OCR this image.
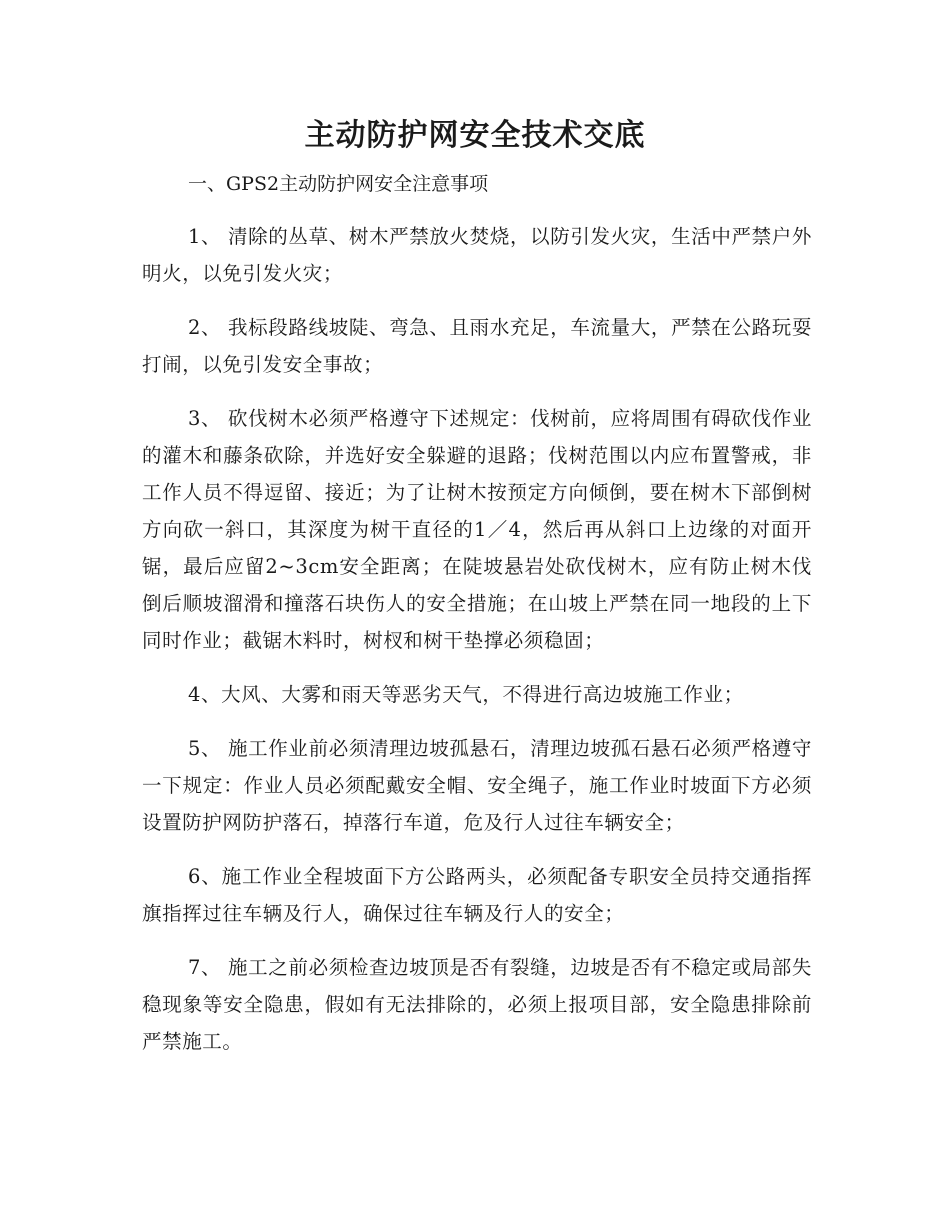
主动防护网安全技术交底
一、GPS2主动防护网安全注意事项

1、 清除的丛草、树木严禁放火焚烧，以防引发火灾，生活中严禁户外明火，以免引发火灾；

2、 我标段路线坡陡、弯急、且雨水充足，车流量大，严禁在公路玩耍打闹，以免引发安全事故；

3、 砍伐树木必须严格遵守下述规定：伐树前，应将周围有碍砍伐作业的灌木和藤条砍除，并选好安全躲避的退路；伐树范围以内应布置警戒，非工作人员不得逗留、接近；为了让树木按预定方向倾倒，要在树木下部倒树方向砍一斜口，其深度为树干直径的1／4，然后再从斜口上边缘的对面开锯，最后应留2~3cm安全距离；在陡坡悬岩处砍伐树木，应有防止树木伐倒后顺坡溜滑和撞落石块伤人的安全措施；在山坡上严禁在同一地段的上下同时作业；截锯木料时，树杈和树干垫撑必须稳固；

4、大风、大雾和雨天等恶劣天气，不得进行高边坡施工作业；

5、 施工作业前必须清理边坡孤悬石，清理边坡孤石悬石必须严格遵守一下规定：作业人员必须配戴安全帽、安全绳子，施工作业时坡面下方必须设置防护网防护落石，掉落行车道，危及行人过往车辆安全；

6、施工作业全程坡面下方公路两头，必须配备专职安全员持交通指挥旗指挥过往车辆及行人，确保过往车辆及行人的安全；

7、 施工之前必须检查边坡顶是否有裂缝，边坡是否有不稳定或局部失稳现象等安全隐患，假如有无法排除的，必须上报项目部，安全隐患排除前严禁施工。
